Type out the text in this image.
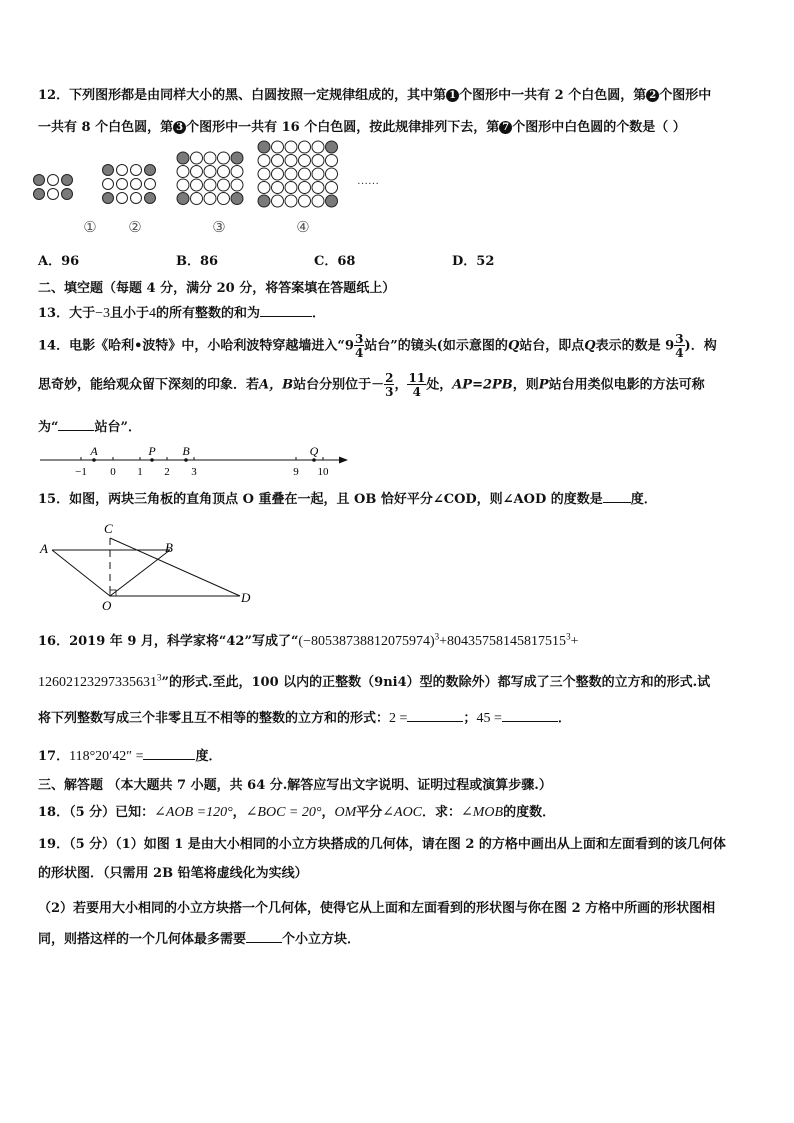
12．下列图形都是由同样大小的黑、白圆按照一定规律组成的，其中第 1 个图形中一共有 2 个白色圆，第 2 个图形中
一共有 8 个白色圆，第 3 个图形中一共有 16 个白色圆，按此规律排列下去，第 7 个图形中白色圆的个数是（ ）
① ②	③	④
……
A．96	B．86	C．68	D．52
二、填空题（每题 4 分，满分 20 分，将答案填在答题纸上）
13．大于−3且小于4的所有整数的和为	．
14．电影《哈利•波特》中，小哈利波特穿越墙进入“$9 \frac{3}{4}$ 站台”的镜头(如示意图的Q站台，即点Q表示的数是 $9 \frac{3}{4}$ )．构
思奇妙，能给观众留下深刻的印象．若A，B站台分别位于－ $\frac{2}{3}$ ， $\frac{11}{4}$ 处，AP=2PB，则P站台用类似电影的方法可称
为“	站台”．
A	P B	Q
−1 0 1 2 3	9 10
15．如图，两块三角板的直角顶点 O 重叠在一起，且 OB 恰好平分∠COD，则∠AOD 的度数是 度．
C
A	B
O
D
16．2019 年 9 月，科学家将“42”写成了“$(-80538738812075974)^3+80435758145817515^3+$
$12602123297335631^3$”的形式.至此，100 以内的正整数（9ni4）型的数除外）都写成了三个整数的立方和的形式.试
将下列整数写成三个非零且互不相等的整数的立方和的形式：2 =	；45 =	．
17．118°20′42″ =	度．
三、解答题 （本大题共 7 小题，共 64 分.解答应写出文字说明、证明过程或演算步骤.）
18．（5 分）已知：∠AOB =120°，∠BOC = 20°，OM平分∠AOC．求：∠MOB的度数．
19．（5 分）（1）如图 1 是由大小相同的小立方块搭成的几何体，请在图 2 的方格中画出从上面和左面看到的该几何体
的形状图．（只需用 2B 铅笔将虚线化为实线）
（2）若要用大小相同的小立方块搭一个几何体，使得它从上面和左面看到的形状图与你在图 2 方格中所画的形状图相
同，则搭这样的一个几何体最多需要	个小立方块．
